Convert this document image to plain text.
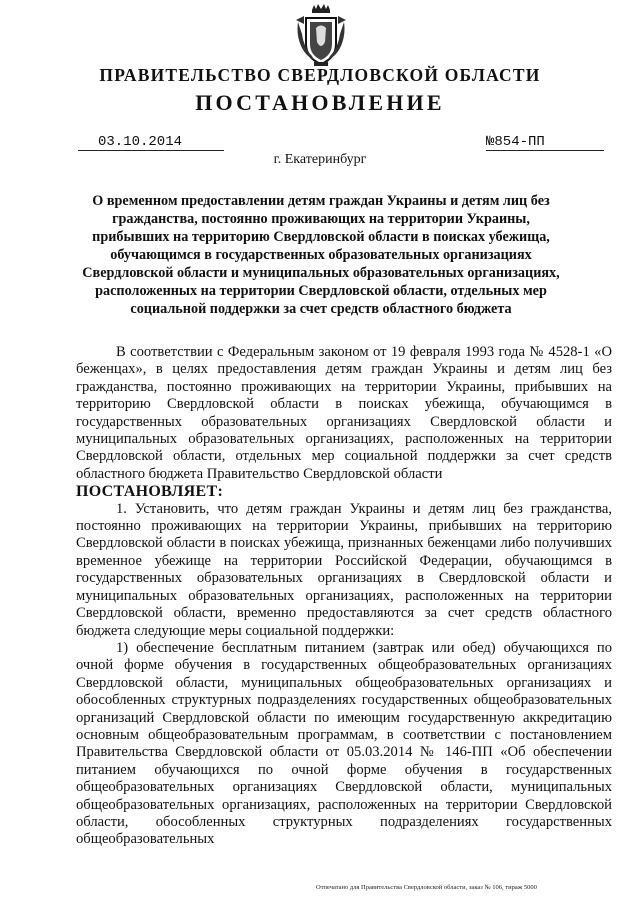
ПРАВИТЕЛЬСТВО СВЕРДЛОВСКОЙ ОБЛАСТИ
ПОСТАНОВЛЕНИЕ
03.10.2014	№854-ПП
г. Екатеринбург
О временном предоставлении детям граждан Украины и детям лиц без гражданства, постоянно проживающих на территории Украины, прибывших на территорию Свердловской области в поисках убежища, обучающимся в государственных образовательных организациях Свердловской области и муниципальных образовательных организациях, расположенных на территории Свердловской области, отдельных мер социальной поддержки за счет средств областного бюджета

В соответствии с Федеральным законом от 19 февраля 1993 года № 4528-1 «О беженцах», в целях предоставления детям граждан Украины и детям лиц без гражданства, постоянно проживающих на территории Украины, прибывших на территорию Свердловской области в поисках убежища, обучающимся в государственных образовательных организациях Свердловской области и муниципальных образовательных организациях, расположенных на территории Свердловской области, отдельных мер социальной поддержки за счет средств областного бюджета Правительство Свердловской области

ПОСТАНОВЛЯЕТ:

1. Установить, что детям граждан Украины и детям лиц без гражданства, постоянно проживающих на территории Украины, прибывших на территорию Свердловской области в поисках убежища, признанных беженцами либо получивших временное убежище на территории Российской Федерации, обучающимся в государственных образовательных организациях в Свердловской области и муниципальных образовательных организациях, расположенных на территории Свердловской области, временно предоставляются за счет средств областного бюджета следующие меры социальной поддержки:

1) обеспечение бесплатным питанием (завтрак или обед) обучающихся по очной форме обучения в государственных общеобразовательных организациях Свердловской области, муниципальных общеобразовательных организациях и обособленных структурных подразделениях государственных общеобразовательных организаций Свердловской области по имеющим государственную аккредитацию основным общеобразовательным программам, в соответствии с постановлением Правительства Свердловской области от 05.03.2014 № 146-ПП «Об обеспечении питанием обучающихся по очной форме обучения в государственных общеобразовательных организациях Свердловской области, муниципальных общеобразовательных организациях, расположенных на территории Свердловской области, обособленных структурных подразделениях государственных общеобразовательных

Отпечатано для Правительства Свердловской области, заказ № 106, тираж 5000
